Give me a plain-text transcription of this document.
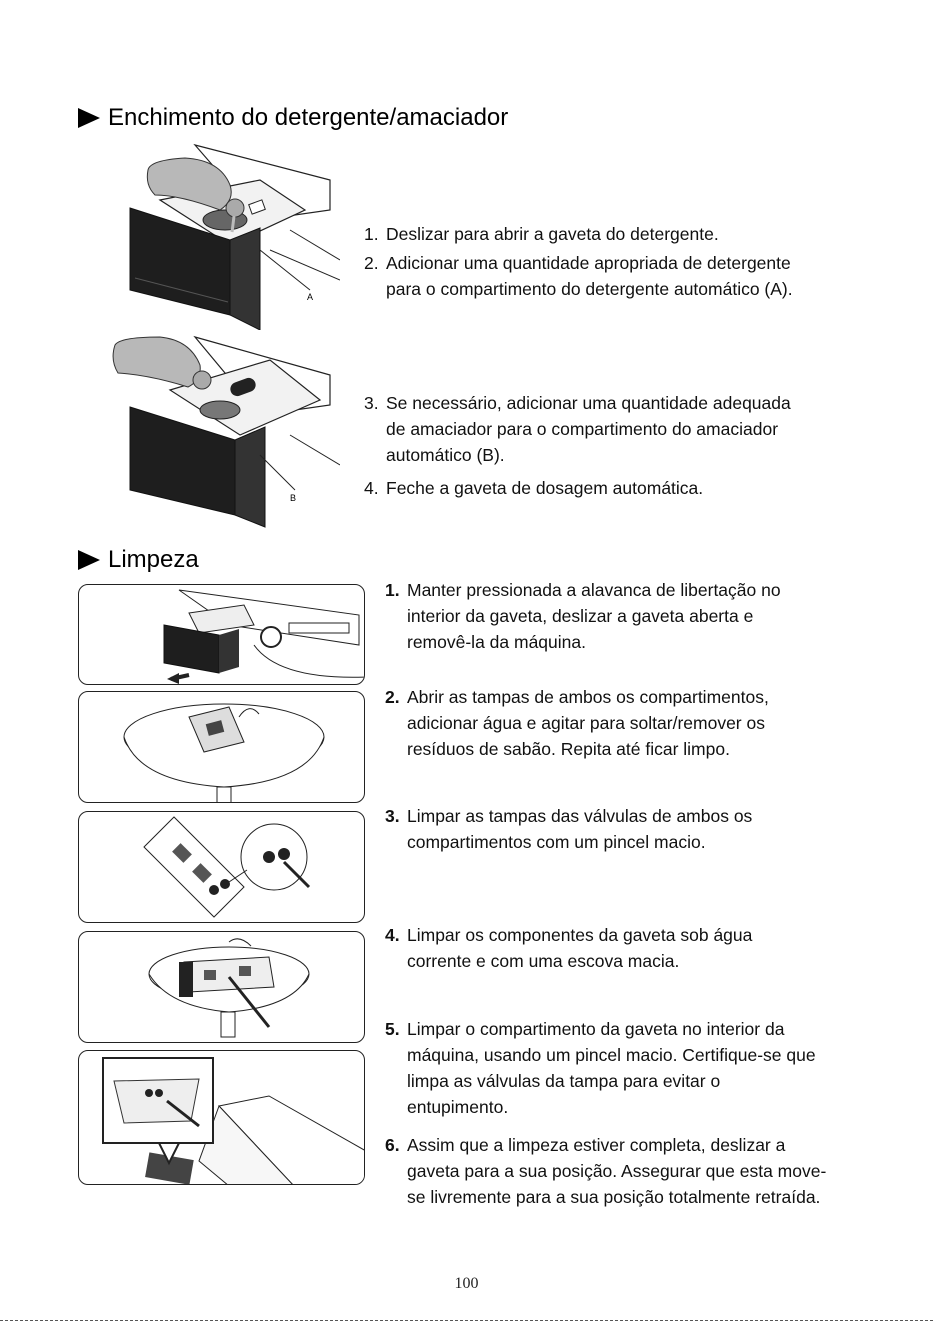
Enchimento do detergente/amaciador
A
B
1. Deslizar para abrir a gaveta do detergente.
2. Adicionar uma quantidade apropriada de detergente para o compartimento do detergente automático (A).
3. Se necessário, adicionar uma quantidade adequada de amaciador para o compartimento do amaciador automático (B).
4. Feche a gaveta de dosagem automática.
Limpeza
1. Manter pressionada a alavanca de libertação no interior da gaveta, deslizar a gaveta aberta e removê-la da máquina.
2. Abrir as tampas de ambos os compartimentos, adicionar água e agitar para soltar/remover os resíduos de sabão. Repita até ficar limpo.
3. Limpar as tampas das válvulas de ambos os compartimentos com um pincel macio.
4. Limpar os componentes da gaveta sob água corrente e com uma escova macia.
5. Limpar o compartimento da gaveta no interior da máquina, usando um pincel macio. Certifique-se que limpa as válvulas da tampa para evitar o entupimento.
6. Assim que a limpeza estiver completa, deslizar a gaveta para a sua posição. Assegurar que esta move-se livremente para a sua posição totalmente retraída.
100
